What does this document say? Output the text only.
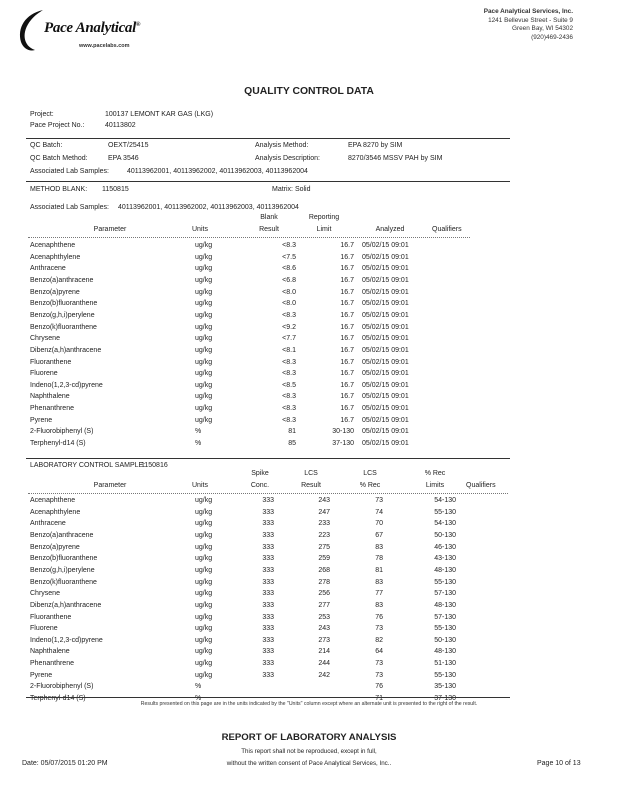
Pace Analytical®
www.pacelabs.com
Pace Analytical Services, Inc.
1241 Bellevue Street - Suite 9
Green Bay, WI 54302
(920)469-2436
QUALITY CONTROL DATA
Project:	100137 LEMONT KAR GAS (LKG)
Pace Project No.:	40113802
QC Batch:	OEXT/25415	Analysis Method:	EPA 8270 by SIM
QC Batch Method:	EPA 3546	Analysis Description:	8270/3546 MSSV PAH by SIM
Associated Lab Samples:	40113962001, 40113962002, 40113962003, 40113962004
METHOD BLANK: 1150815	Matrix: Solid
Associated Lab Samples: 40113962001, 40113962002, 40113962003, 40113962004
Blank	Reporting
Parameter	Units	Result	Limit	Analyzed	Qualifiers
Acenaphthene	ug/kg	<8.3	16.7 05/02/15 09:01
Acenaphthylene	ug/kg	<7.5	16.7 05/02/15 09:01
Anthracene	ug/kg	<8.6	16.7 05/02/15 09:01
Benzo(a)anthracene	ug/kg	<6.8	16.7 05/02/15 09:01
Benzo(a)pyrene	ug/kg	<8.0	16.7 05/02/15 09:01
Benzo(b)fluoranthene	ug/kg	<8.0	16.7 05/02/15 09:01
Benzo(g,h,i)perylene	ug/kg	<8.3	16.7 05/02/15 09:01
Benzo(k)fluoranthene	ug/kg	<9.2	16.7 05/02/15 09:01
Chrysene	ug/kg	<7.7	16.7 05/02/15 09:01
Dibenz(a,h)anthracene	ug/kg	<8.1	16.7 05/02/15 09:01
Fluoranthene	ug/kg	<8.3	16.7 05/02/15 09:01
Fluorene	ug/kg	<8.3	16.7 05/02/15 09:01
Indeno(1,2,3-cd)pyrene	ug/kg	<8.5	16.7 05/02/15 09:01
Naphthalene	ug/kg	<8.3	16.7 05/02/15 09:01
Phenanthrene	ug/kg	<8.3	16.7 05/02/15 09:01
Pyrene	ug/kg	<8.3	16.7 05/02/15 09:01
2-Fluorobiphenyl (S)	%	81	30-130 05/02/15 09:01
Terphenyl-d14 (S)	%	85	37-130 05/02/15 09:01
LABORATORY CONTROL SAMPLE:
1150816
Spike	LCS	LCS	% Rec
Parameter	Units	Conc.	Result	% Rec	Limits	Qualifiers
Acenaphthene	ug/kg	333	243	73	54-130
Acenaphthylene	ug/kg	333	247	74	55-130
Anthracene	ug/kg	333	233	70	54-130
Benzo(a)anthracene	ug/kg	333	223	67	50-130
Benzo(a)pyrene	ug/kg	333	275	83	46-130
Benzo(b)fluoranthene	ug/kg	333	259	78	43-130
Benzo(g,h,i)perylene	ug/kg	333	268	81	48-130
Benzo(k)fluoranthene	ug/kg	333	278	83	55-130
Chrysene	ug/kg	333	256	77	57-130
Dibenz(a,h)anthracene	ug/kg	333	277	83	48-130
Fluoranthene	ug/kg	333	253	76	57-130
Fluorene	ug/kg	333	243	73	55-130
Indeno(1,2,3-cd)pyrene	ug/kg	333	273	82	50-130
Naphthalene	ug/kg	333	214	64	48-130
Phenanthrene	ug/kg	333	244	73	51-130
Pyrene	ug/kg	333	242	73	55-130
2-Fluorobiphenyl (S)	%	76	35-130
Terphenyl-d14 (S)	%	71	37-130
Results presented on this page are in the units indicated by the "Units" column except where an alternate unit is presented to the right of the result.
REPORT OF LABORATORY ANALYSIS
Date: 05/07/2015 01:20 PM
This report shall not be reproduced, except in full,
without the written consent of Pace Analytical Services, Inc..	Page 10 of 13
